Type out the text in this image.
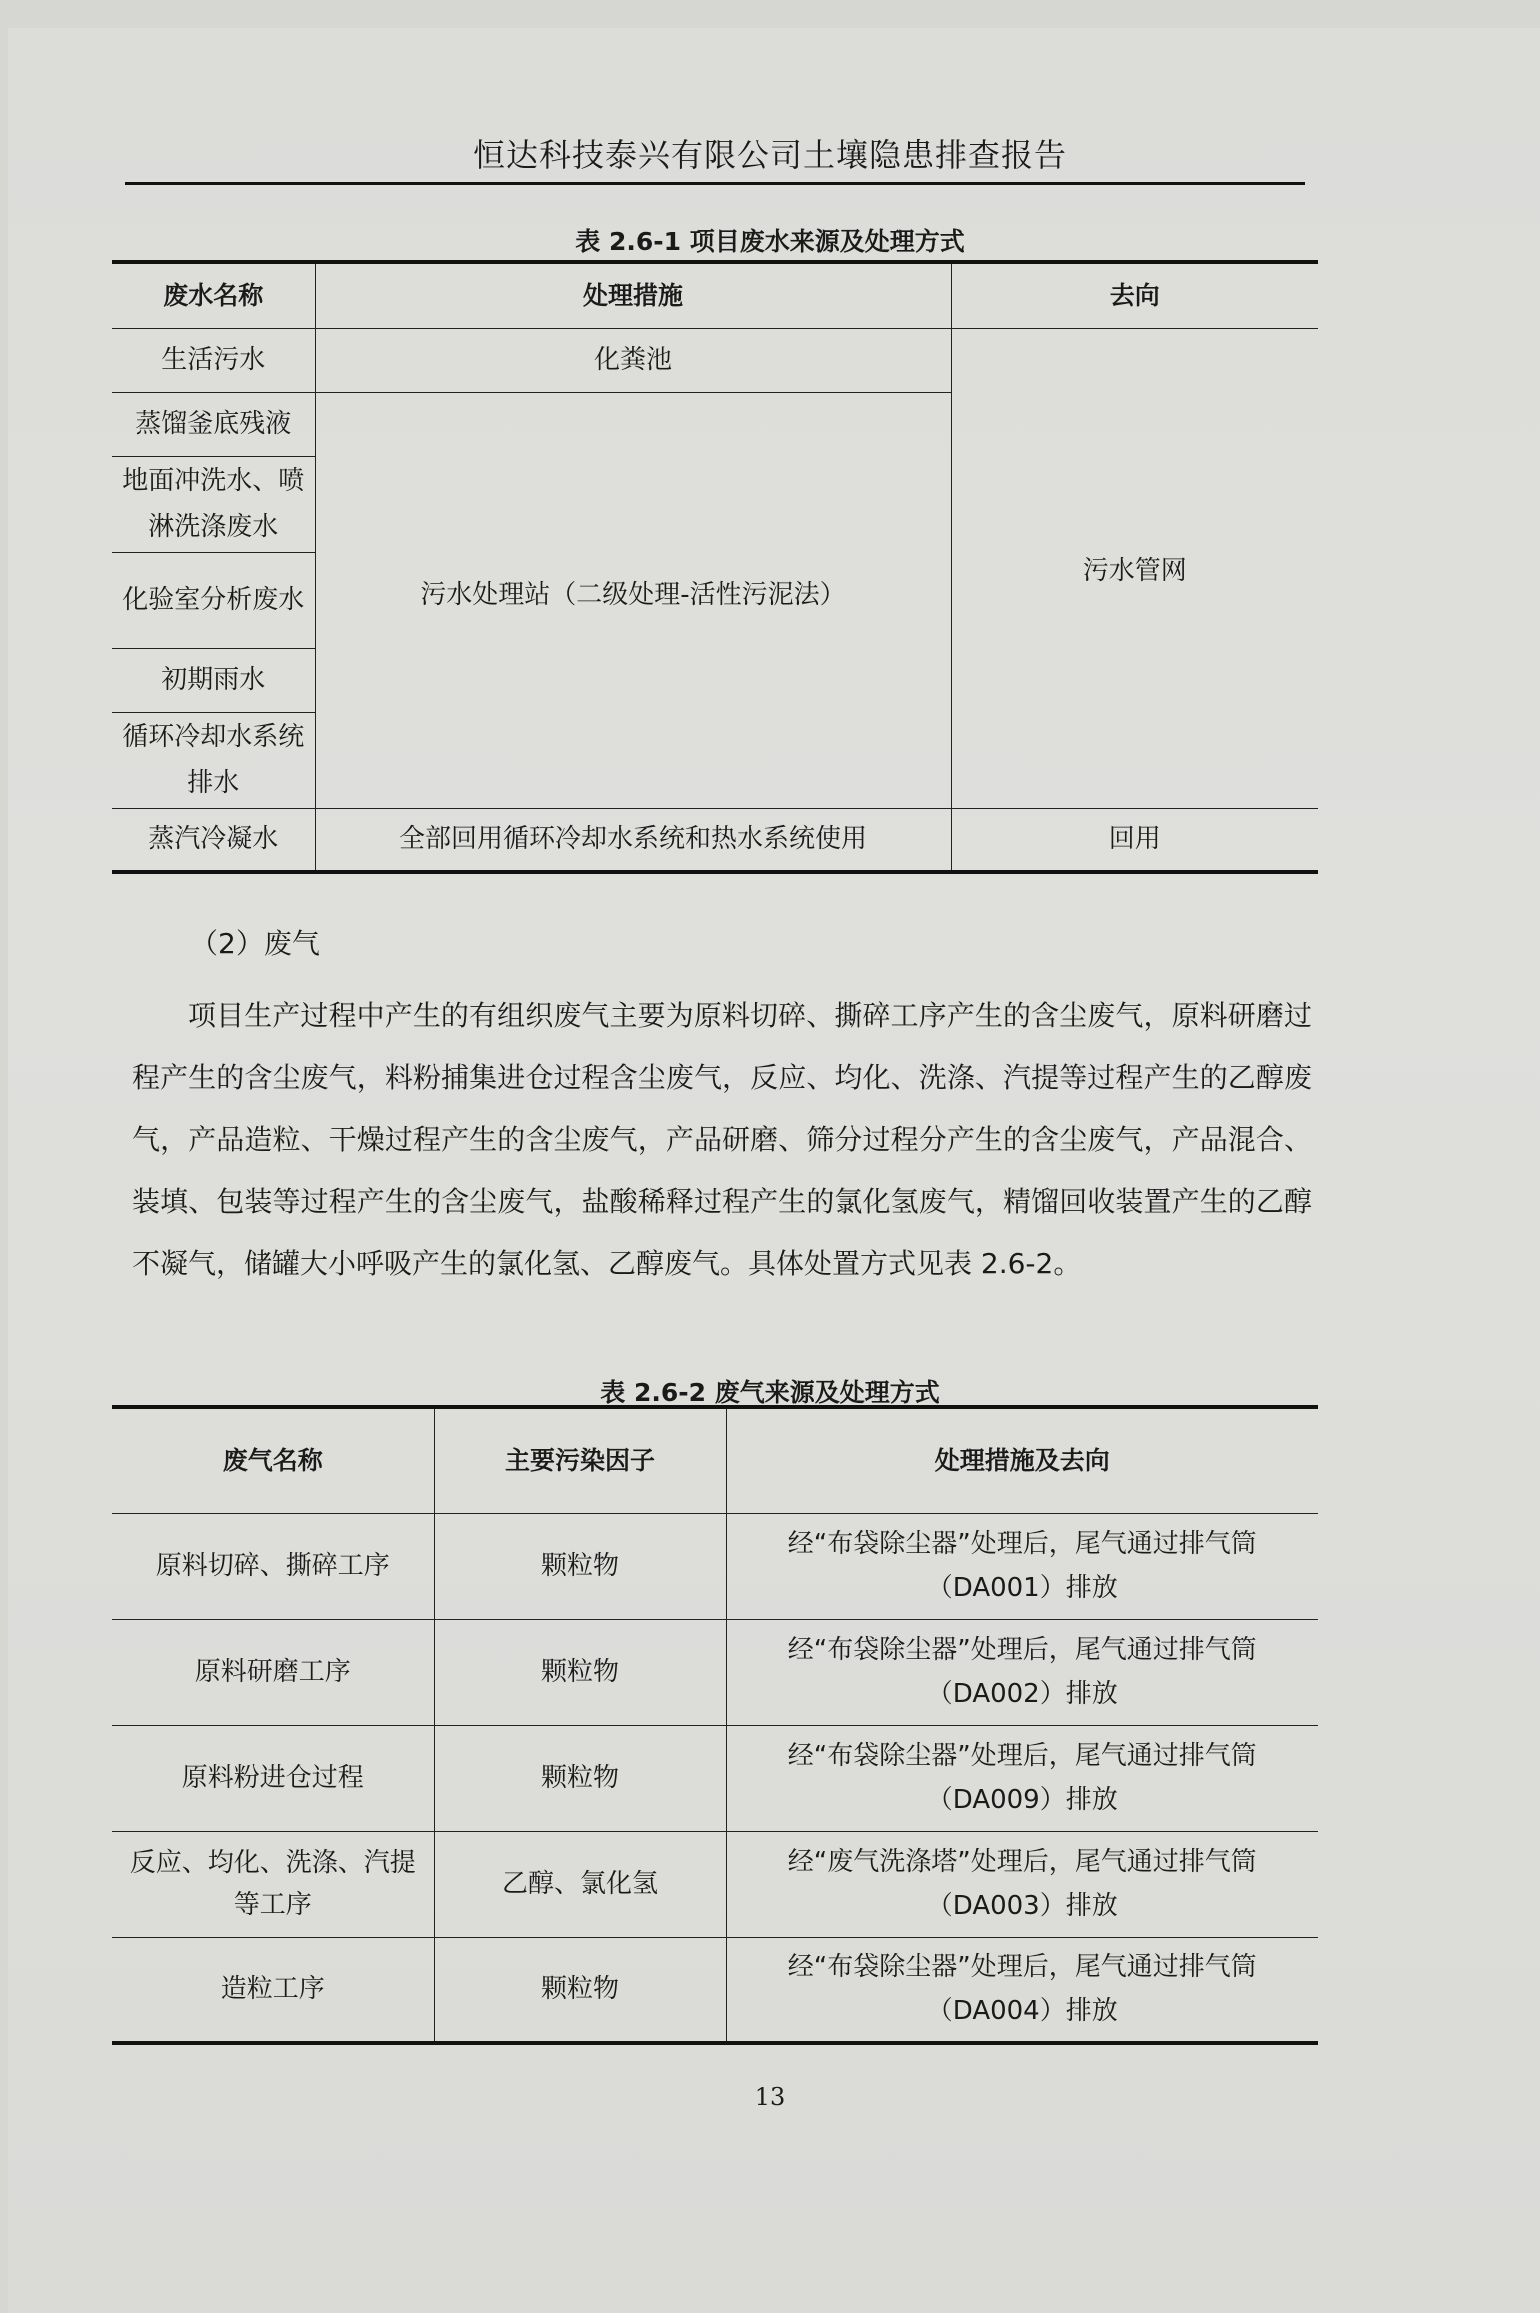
恒达科技泰兴有限公司土壤隐患排查报告
表 2.6-1 项目废水来源及处理方式
废水名称	处理措施	去向
生活污水	化粪池	污水管网
蒸馏釜底残液	污水处理站（二级处理-活性污泥法）	
地面冲洗水、喷淋洗涤废水		
化验室分析废水		
初期雨水		
循环冷却水系统排水		
蒸汽冷凝水	全部回用循环冷却水系统和热水系统使用	回用
（2）废气
项目生产过程中产生的有组织废气主要为原料切碎、撕碎工序产生的含尘废气，原料研磨过程产生的含尘废气，料粉捕集进仓过程含尘废气，反应、均化、洗涤、汽提等过程产生的乙醇废气，产品造粒、干燥过程产生的含尘废气，产品研磨、筛分过程分产生的含尘废气，产品混合、装填、包装等过程产生的含尘废气，盐酸稀释过程产生的氯化氢废气，精馏回收装置产生的乙醇不凝气，储罐大小呼吸产生的氯化氢、乙醇废气。具体处置方式见表 2.6-2。
表 2.6-2 废气来源及处理方式
废气名称	主要污染因子	处理措施及去向
原料切碎、撕碎工序	颗粒物	经“布袋除尘器”处理后，尾气通过排气筒
（DA001）排放

原料研磨工序	颗粒物	经“布袋除尘器”处理后，尾气通过排气筒
（DA002）排放

原料粉进仓过程	颗粒物	经“布袋除尘器”处理后，尾气通过排气筒
（DA009）排放

反应、均化、洗涤、汽提等工序	乙醇、氯化氢	经“废气洗涤塔”处理后，尾气通过排气筒
（DA003）排放

造粒工序	颗粒物	经“布袋除尘器”处理后，尾气通过排气筒
（DA004）排放
13
